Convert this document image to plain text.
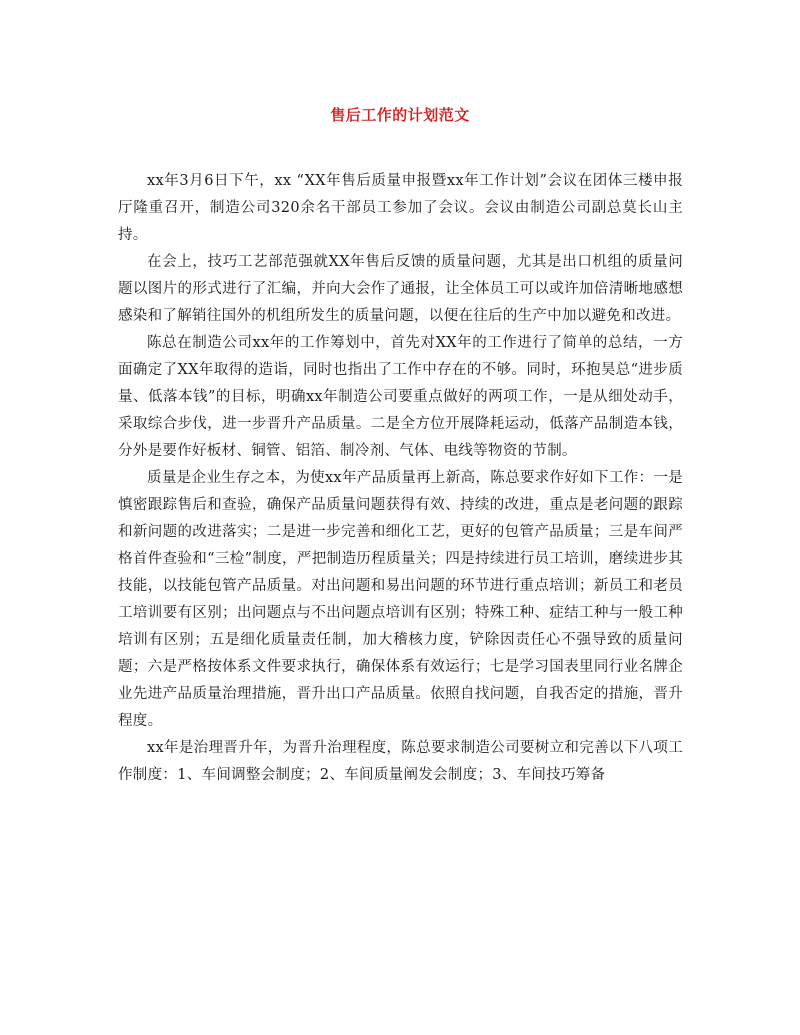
售后工作的计划范文

xx年3月6日下午，xx “XX年售后质量申报暨xx年工作计划”会议在团体三楼申报厅隆重召开，制造公司320余名干部员工参加了会议。会议由制造公司副总莫长山主持。

在会上，技巧工艺部范强就XX年售后反馈的质量问题，尤其是出口机组的质量问题以图片的形式进行了汇编，并向大会作了通报，让全体员工可以或许加倍清晰地感想感染和了解销往国外的机组所发生的质量问题，以便在往后的生产中加以避免和改进。

陈总在制造公司xx年的工作筹划中，首先对XX年的工作进行了简单的总结，一方面确定了XX年取得的造诣，同时也指出了工作中存在的不够。同时，环抱昊总“进步质量、低落本钱”的目标，明确xx年制造公司要重点做好的两项工作，一是从细处动手，采取综合步伐，进一步晋升产品质量。二是全方位开展降耗运动，低落产品制造本钱，分外是要作好板材、铜管、铝箔、制冷剂、气体、电线等物资的节制。

质量是企业生存之本，为使xx年产品质量再上新高，陈总要求作好如下工作：一是慎密跟踪售后和查验，确保产品质量问题获得有效、持续的改进，重点是老问题的跟踪和新问题的改进落实；二是进一步完善和细化工艺，更好的包管产品质量；三是车间严格首件查验和“三检”制度，严把制造历程质量关；四是持续进行员工培训，磨续进步其技能，以技能包管产品质量。对出问题和易出问题的环节进行重点培训；新员工和老员工培训要有区别；出问题点与不出问题点培训有区别；特殊工种、症结工种与一般工种培训有区别；五是细化质量责任制，加大稽核力度，铲除因责任心不强导致的质量问题；六是严格按体系文件要求执行，确保体系有效运行；七是学习国表里同行业名牌企业先进产品质量治理措施，晋升出口产品质量。依照自找问题，自我否定的措施，晋升程度。

xx年是治理晋升年，为晋升治理程度，陈总要求制造公司要树立和完善以下八项工作制度：1、车间调整会制度；2、车间质量阐发会制度；3、车间技巧筹备
